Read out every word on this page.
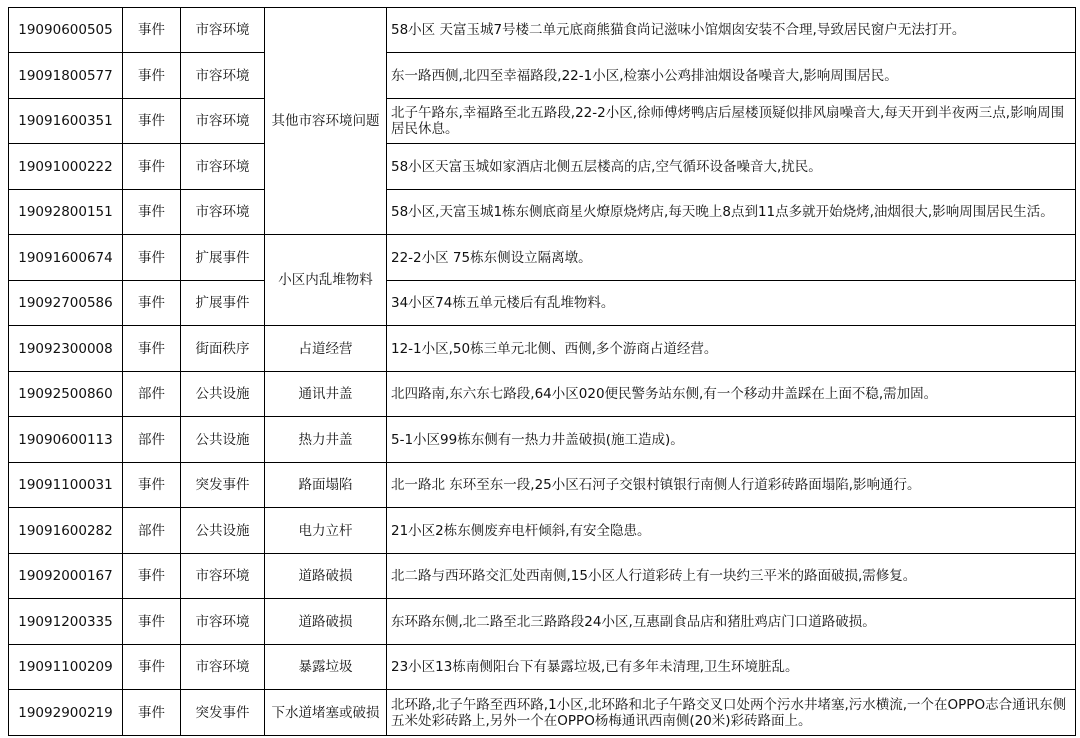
19090600505	事件	市容环境	其他市容环境问题	58小区 天富玉城7号楼二单元底商熊猫食尚记滋味小馆烟囱安装不合理,导致居民窗户无法打开。
19091800577	事件	市容环境		东一路西侧,北四至幸福路段,22-1小区,检寨小公鸡排油烟设备噪音大,影响周围居民。
19091600351	事件	市容环境		北子午路东,幸福路至北五路段,22-2小区,徐师傅烤鸭店后屋楼顶疑似排风扇噪音大,每天开到半夜两三点,影响周围居民休息。
19091000222	事件	市容环境		58小区天富玉城如家酒店北侧五层楼高的店,空气循环设备噪音大,扰民。
19092800151	事件	市容环境		58小区,天富玉城1栋东侧底商星火燎原烧烤店,每天晚上8点到11点多就开始烧烤,油烟很大,影响周围居民生活。
19091600674	事件	扩展事件	小区内乱堆物料	22-2小区 75栋东侧设立隔离墩。
19092700586	事件	扩展事件		34小区74栋五单元楼后有乱堆物料。
19092300008	事件	街面秩序	占道经营	12-1小区,50栋三单元北侧、西侧,多个游商占道经营。
19092500860	部件	公共设施	通讯井盖	北四路南,东六东七路段,64小区020便民警务站东侧,有一个移动井盖踩在上面不稳,需加固。
19090600113	部件	公共设施	热力井盖	5-1小区99栋东侧有一热力井盖破损(施工造成)。
19091100031	事件	突发事件	路面塌陷	北一路北 东环至东一段,25小区石河子交银村镇银行南侧人行道彩砖路面塌陷,影响通行。
19091600282	部件	公共设施	电力立杆	21小区2栋东侧废弃电杆倾斜,有安全隐患。
19092000167	事件	市容环境	道路破损	北二路与西环路交汇处西南侧,15小区人行道彩砖上有一块约三平米的路面破损,需修复。
19091200335	事件	市容环境	道路破损	东环路东侧,北二路至北三路路段24小区,互惠副食品店和猪肚鸡店门口道路破损。
19091100209	事件	市容环境	暴露垃圾	23小区13栋南侧阳台下有暴露垃圾,已有多年未清理,卫生环境脏乱。
19092900219	事件	突发事件	下水道堵塞或破损	北环路,北子午路至西环路,1小区,北环路和北子午路交叉口处两个污水井堵塞,污水横流,一个在OPPO志合通讯东侧五米处彩砖路上,另外一个在OPPO杨梅通讯西南侧(20米)彩砖路面上。
